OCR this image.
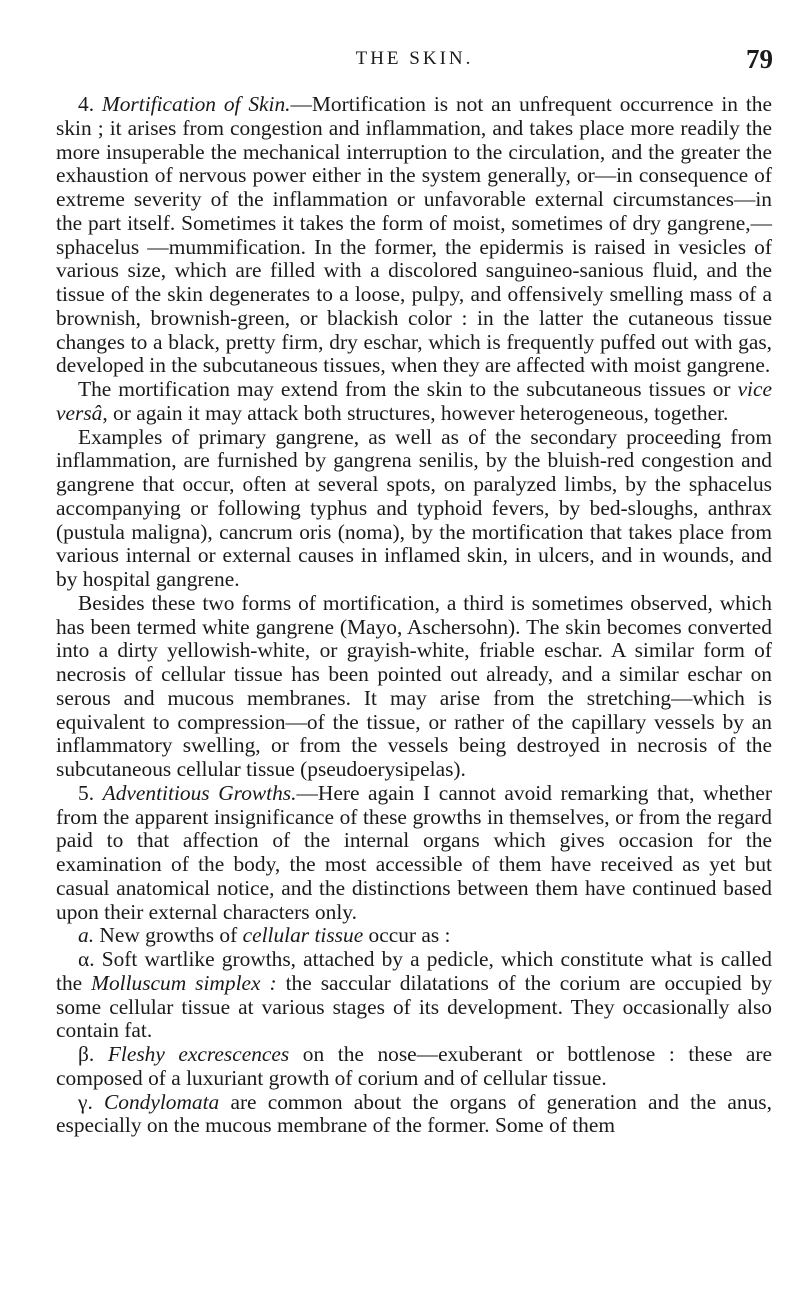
THE SKIN.	79

4. Mortification of Skin.—Mortification is not an unfrequent occurrence in the skin ; it arises from congestion and inflammation, and takes place more readily the more insuperable the mechanical interruption to the circulation, and the greater the exhaustion of nervous power either in the system generally, or—in consequence of extreme severity of the inflammation or unfavorable external circumstances—in the part itself. Sometimes it takes the form of moist, sometimes of dry gangrene,—sphacelus —mummification. In the former, the epidermis is raised in vesicles of various size, which are filled with a discolored sanguineo-sanious fluid, and the tissue of the skin degenerates to a loose, pulpy, and offensively smelling mass of a brownish, brownish-green, or blackish color : in the latter the cutaneous tissue changes to a black, pretty firm, dry eschar, which is frequently puffed out with gas, developed in the subcutaneous tissues, when they are affected with moist gangrene.

The mortification may extend from the skin to the subcutaneous tissues or vice versâ, or again it may attack both structures, however heterogeneous, together.

Examples of primary gangrene, as well as of the secondary proceeding from inflammation, are furnished by gangrena senilis, by the bluish-red congestion and gangrene that occur, often at several spots, on paralyzed limbs, by the sphacelus accompanying or following typhus and typhoid fevers, by bed-sloughs, anthrax (pustula maligna), cancrum oris (noma), by the mortification that takes place from various internal or external causes in inflamed skin, in ulcers, and in wounds, and by hospital gangrene.

Besides these two forms of mortification, a third is sometimes observed, which has been termed white gangrene (Mayo, Aschersohn). The skin becomes converted into a dirty yellowish-white, or grayish-white, friable eschar. A similar form of necrosis of cellular tissue has been pointed out already, and a similar eschar on serous and mucous membranes. It may arise from the stretching—which is equivalent to compression—of the tissue, or rather of the capillary vessels by an inflammatory swelling, or from the vessels being destroyed in necrosis of the subcutaneous cellular tissue (pseudoerysipelas).

5. Adventitious Growths.—Here again I cannot avoid remarking that, whether from the apparent insignificance of these growths in themselves, or from the regard paid to that affection of the internal organs which gives occasion for the examination of the body, the most accessible of them have received as yet but casual anatomical notice, and the distinctions between them have continued based upon their external characters only.

a. New growths of cellular tissue occur as :

α. Soft wartlike growths, attached by a pedicle, which constitute what is called the Molluscum simplex : the saccular dilatations of the corium are occupied by some cellular tissue at various stages of its development. They occasionally also contain fat.

β. Fleshy excrescences on the nose—exuberant or bottlenose : these are composed of a luxuriant growth of corium and of cellular tissue.

γ. Condylomata are common about the organs of generation and the anus, especially on the mucous membrane of the former. Some of them
